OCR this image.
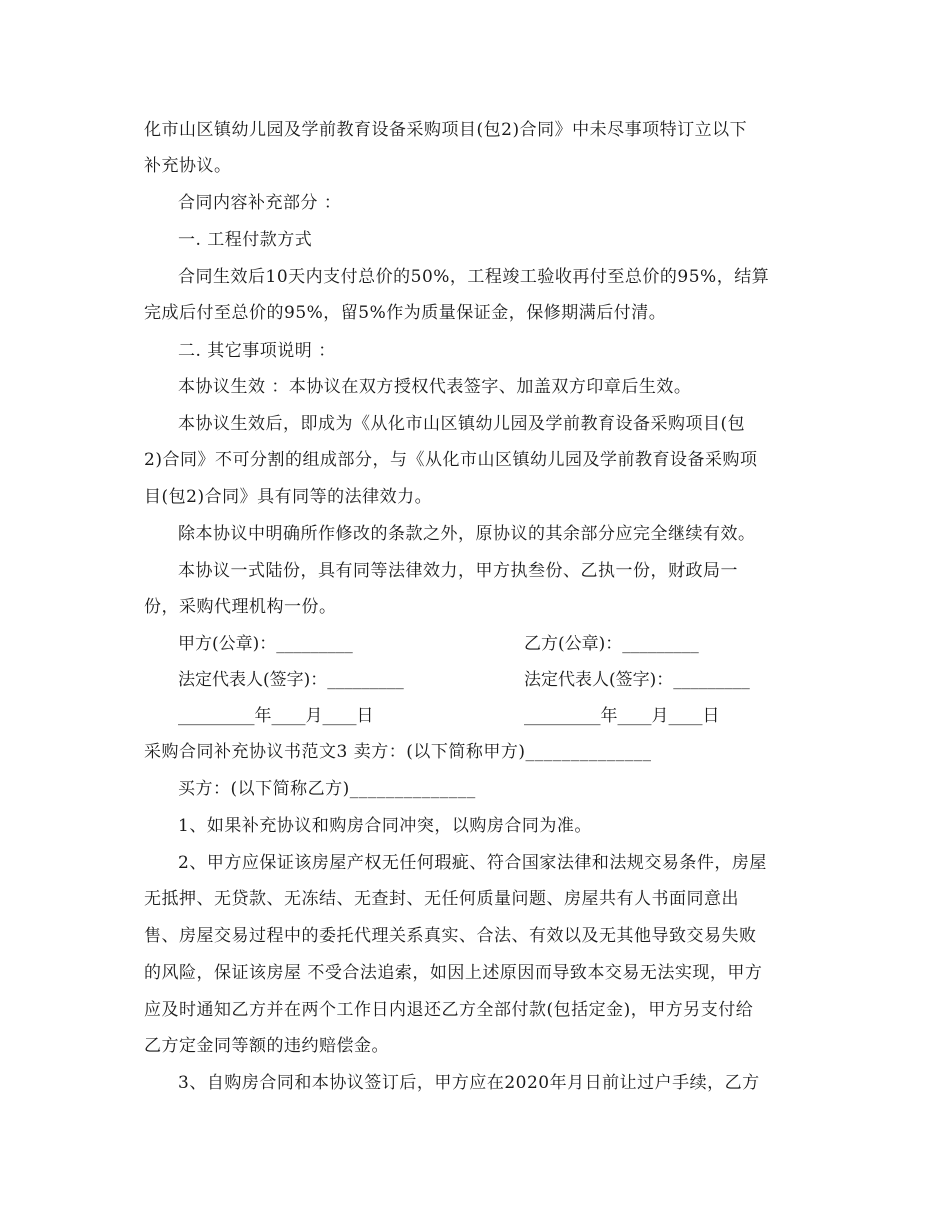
化市山区镇幼儿园及学前教育设备采购项目(包2)合同》中未尽事项特订立以下
补充协议。
合同内容补充部分 ：
一. 工程付款方式
合同生效后10天内支付总价的50%，工程竣工验收再付至总价的95%，结算
完成后付至总价的95%，留5%作为质量保证金，保修期满后付清。
二. 其它事项说明 ：
本协议生效 ：本协议在双方授权代表签字、加盖双方印章后生效。
本协议生效后，即成为《从化市山区镇幼儿园及学前教育设备采购项目(包
2)合同》不可分割的组成部分，与《从化市山区镇幼儿园及学前教育设备采购项
目(包2)合同》具有同等的法律效力。
除本协议中明确所作修改的条款之外，原协议的其余部分应完全继续有效。
本协议一式陆份，具有同等法律效力，甲方执叁份、乙执一份，财政局一
份，采购代理机构一份。
甲方(公章)：_________	乙方(公章)：_________
法定代表人(签字)：_________	法定代表人(签字)：_________
_________年____月____日	_________年____月____日
采购合同补充协议书范文3 卖方：(以下简称甲方)______________
买方：(以下简称乙方)______________
1、如果补充协议和购房合同冲突，以购房合同为准。
2、甲方应保证该房屋产权无任何瑕疵、符合国家法律和法规交易条件，房屋
无抵押、无贷款、无冻结、无查封、无任何质量问题、房屋共有人书面同意出
售、房屋交易过程中的委托代理关系真实、合法、有效以及无其他导致交易失败
的风险，保证该房屋 不受合法追索，如因上述原因而导致本交易无法实现，甲方
应及时通知乙方并在两个工作日内退还乙方全部付款(包括定金)，甲方另支付给
乙方定金同等额的违约赔偿金。
3、自购房合同和本协议签订后，甲方应在2020年月日前让过户手续，乙方
